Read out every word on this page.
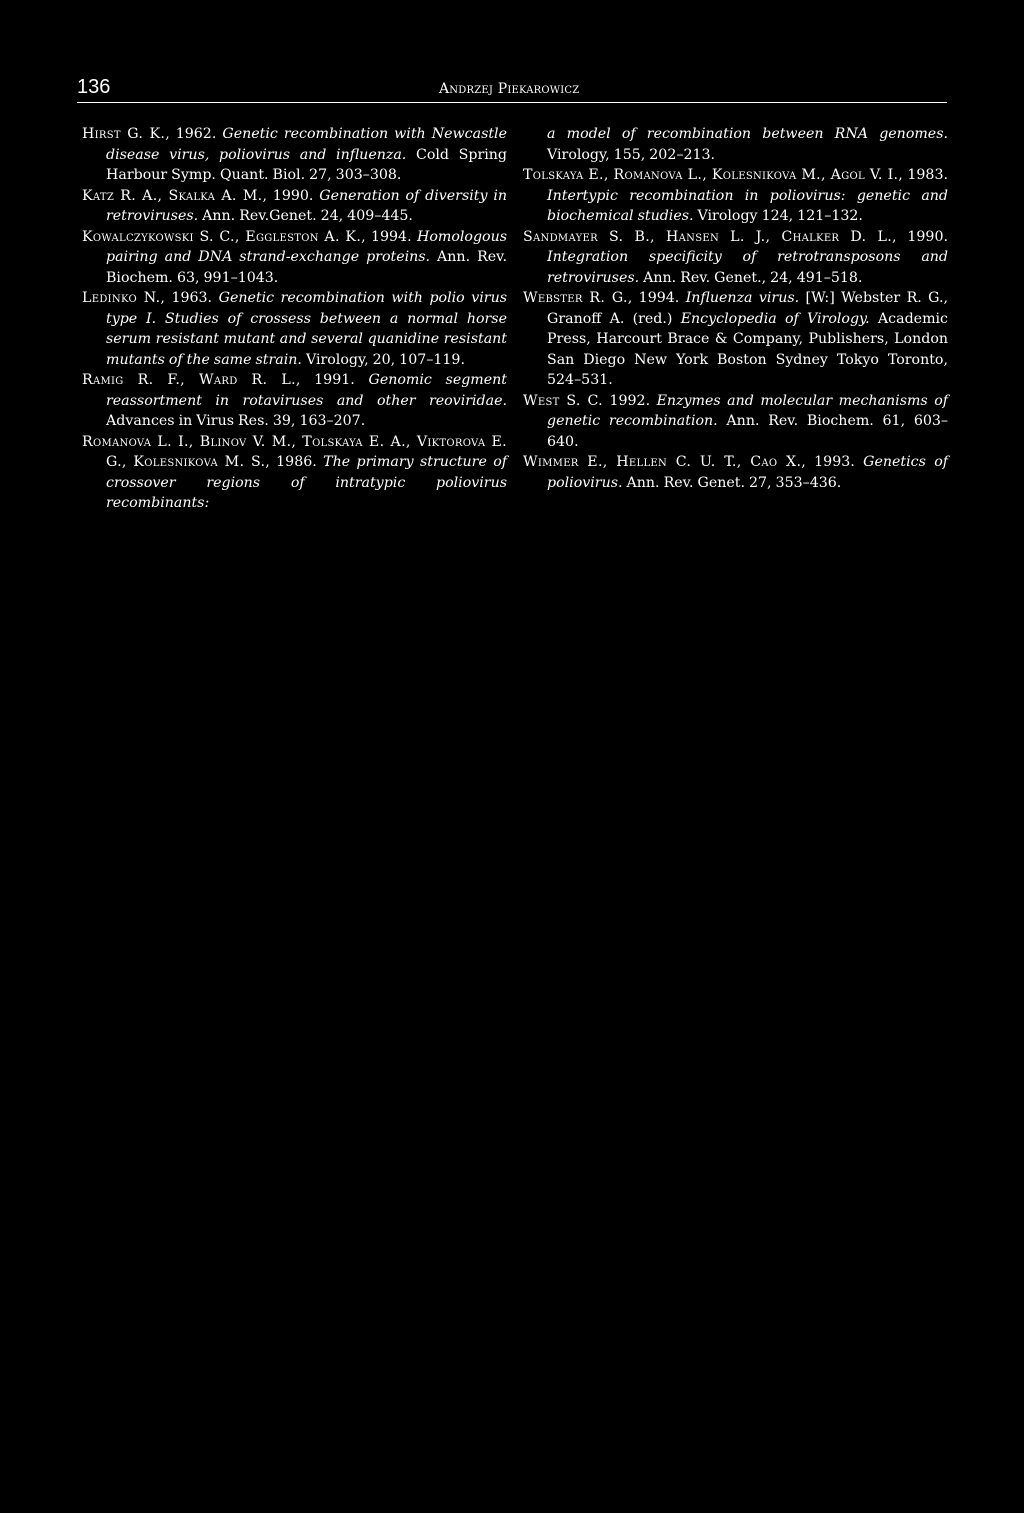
136	Andrzej Piekarowicz

Hirst G. K., 1962. Genetic recombination with Newcastle disease virus, poliovirus and influenza. Cold Spring Harbour Symp. Quant. Biol. 27, 303–308.

Katz R. A., Skalka A. M., 1990. Generation of diversity in retroviruses. Ann. Rev.Genet. 24, 409–445.

Kowalczykowski S. C., Eggleston A. K., 1994. Homologous pairing and DNA strand-exchange proteins. Ann. Rev. Biochem. 63, 991–1043.

Ledinko N., 1963. Genetic recombination with polio virus type I. Studies of crossess between a normal horse serum resistant mutant and several quanidine resistant mutants of the same strain. Virology, 20, 107–119.

Ramig R. F., Ward R. L., 1991. Genomic segment reassortment in rotaviruses and other reoviridae. Advances in Virus Res. 39, 163–207.

Romanova L. I., Blinov V. M., Tolskaya E. A., Viktorova E. G., Kolesnikova M. S., 1986. The primary structure of crossover regions of intratypic poliovirus recombinants:

a model of recombination between RNA genomes. Virology, 155, 202–213.

Tolskaya E., Romanova L., Kolesnikova M., Agol V. I., 1983. Intertypic recombination in poliovirus: genetic and biochemical studies. Virology 124, 121–132.

Sandmayer S. B., Hansen L. J., Chalker D. L., 1990. Integration specificity of retrotransposons and retroviruses. Ann. Rev. Genet., 24, 491–518.

Webster R. G., 1994. Influenza virus. [W:] Webster R. G., Granoff A. (red.) Encyclopedia of Virology. Academic Press, Harcourt Brace & Company, Publishers, London San Diego New York Boston Sydney Tokyo Toronto, 524–531.

West S. C. 1992. Enzymes and molecular mechanisms of genetic recombination. Ann. Rev. Biochem. 61, 603–640.

Wimmer E., Hellen C. U. T., Cao X., 1993. Genetics of poliovirus. Ann. Rev. Genet. 27, 353–436.
